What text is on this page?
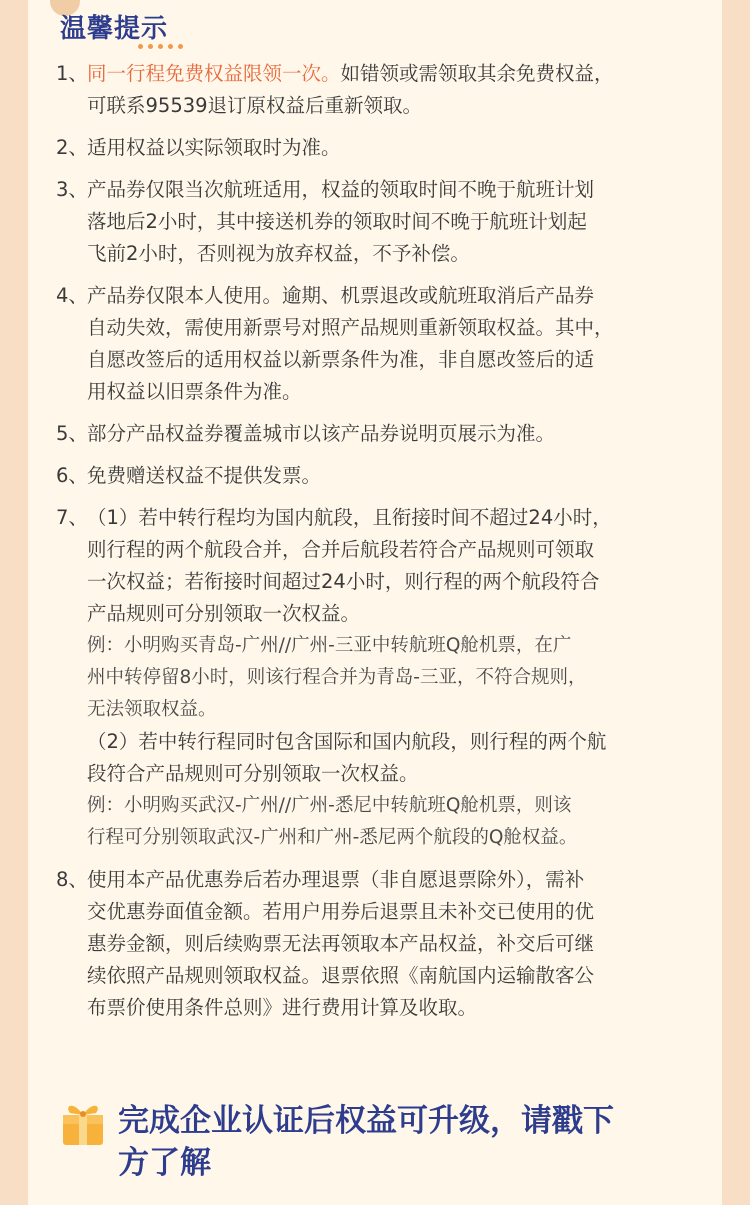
温馨提示
1、 同一行程免费权益限领一次。如错领或需领取其余免费权益，
可联系95539退订原权益后重新领取。
2、 适用权益以实际领取时为准。
3、 产品券仅限当次航班适用，权益的领取时间不晚于航班计划
落地后2小时，其中接送机券的领取时间不晚于航班计划起
飞前2小时，否则视为放弃权益，不予补偿。
4、 产品券仅限本人使用。逾期、机票退改或航班取消后产品券
自动失效，需使用新票号对照产品规则重新领取权益。其中，
自愿改签后的适用权益以新票条件为准，非自愿改签后的适
用权益以旧票条件为准。
5、 部分产品权益券覆盖城市以该产品券说明页展示为准。
6、 免费赠送权益不提供发票。
7、 （1）若中转行程均为国内航段，且衔接时间不超过24小时，
则行程的两个航段合并，合并后航段若符合产品规则可领取
一次权益；若衔接时间超过24小时，则行程的两个航段符合
产品规则可分别领取一次权益。
例：小明购买青岛-广州//广州-三亚中转航班Q舱机票，在广
州中转停留8小时，则该行程合并为青岛-三亚，不符合规则，
无法领取权益。
（2）若中转行程同时包含国际和国内航段，则行程的两个航
段符合产品规则可分别领取一次权益。
例：小明购买武汉-广州//广州-悉尼中转航班Q舱机票，则该
行程可分别领取武汉-广州和广州-悉尼两个航段的Q舱权益。
8、 使用本产品优惠券后若办理退票（非自愿退票除外），需补
交优惠券面值金额。若用户用券后退票且未补交已使用的优
惠券金额，则后续购票无法再领取本产品权益，补交后可继
续依照产品规则领取权益。退票依照《南航国内运输散客公
布票价使用条件总则》进行费用计算及收取。
完成企业认证后权益可升级，请戳下
方了解
